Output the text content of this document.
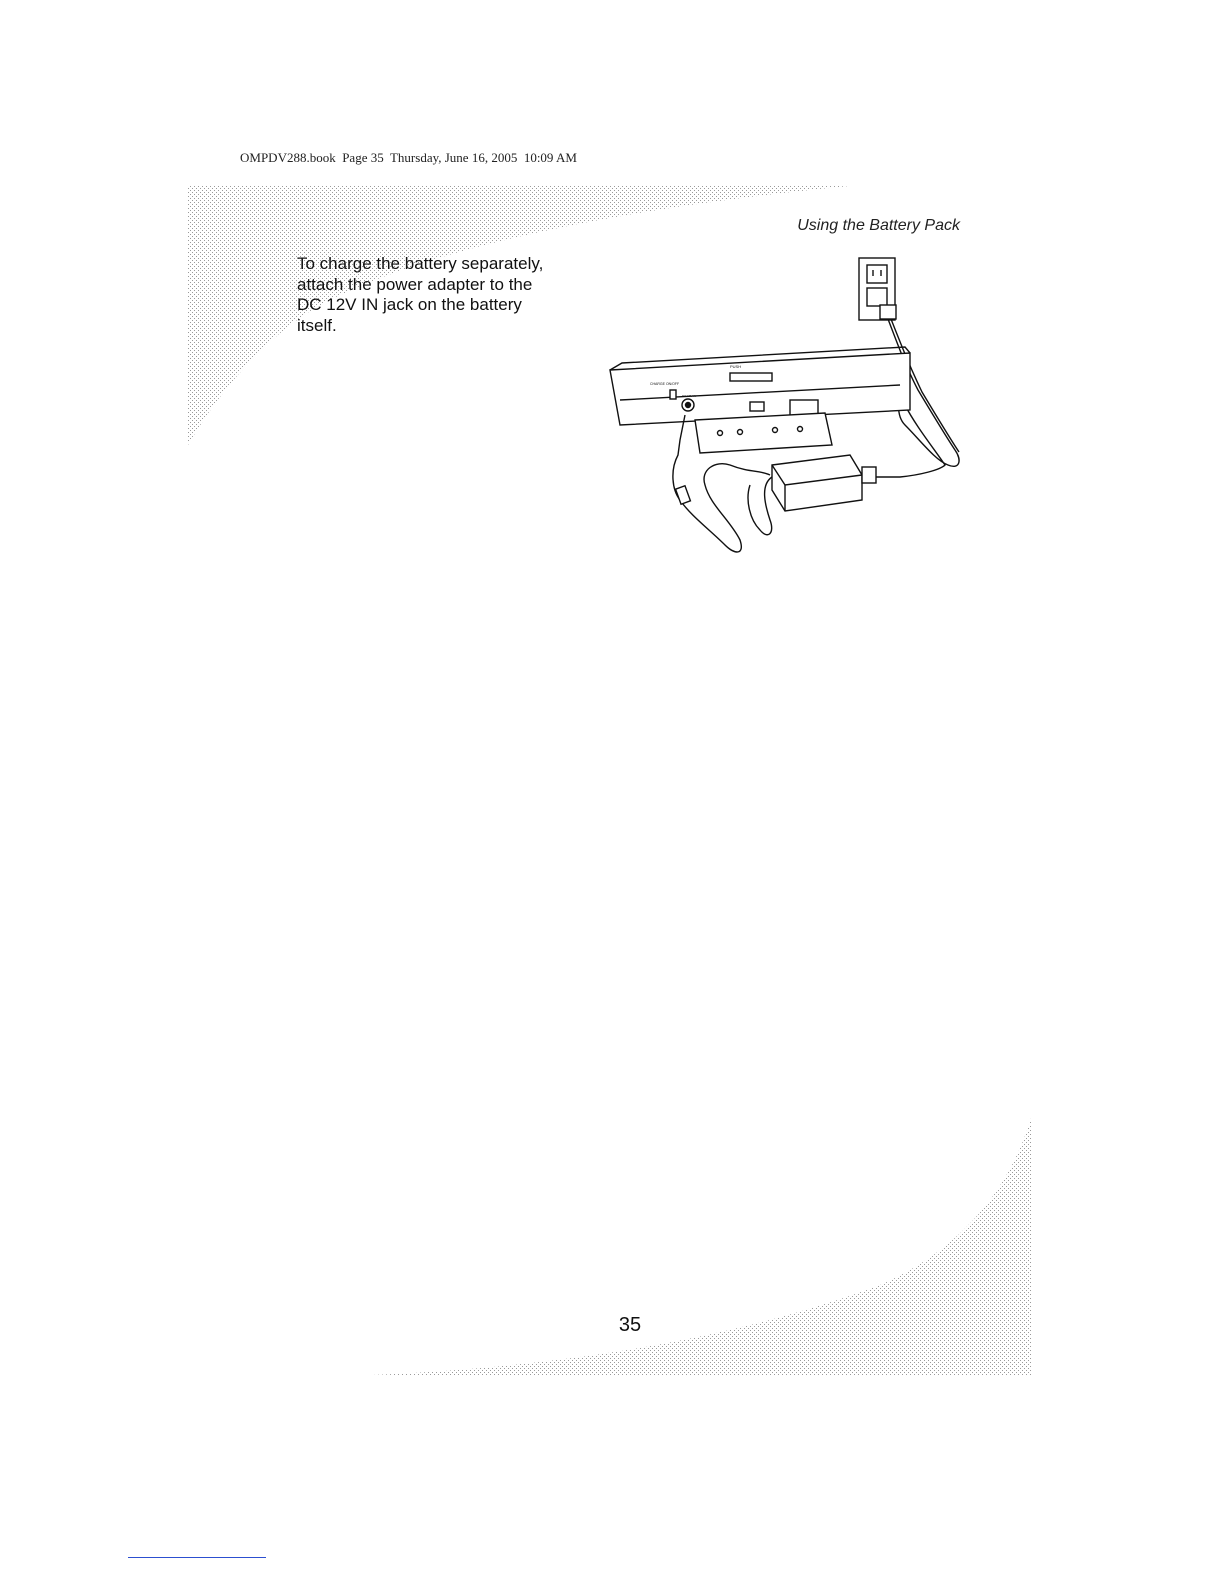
OMPDV288.book  Page 35  Thursday, June 16, 2005  10:09 AM
Using the Battery Pack
To charge the battery separately,
attach the power adapter to the
DC 12V IN jack on the battery
itself.
PUSH
CHARGE ON/OFF
DC 12V IN
35
